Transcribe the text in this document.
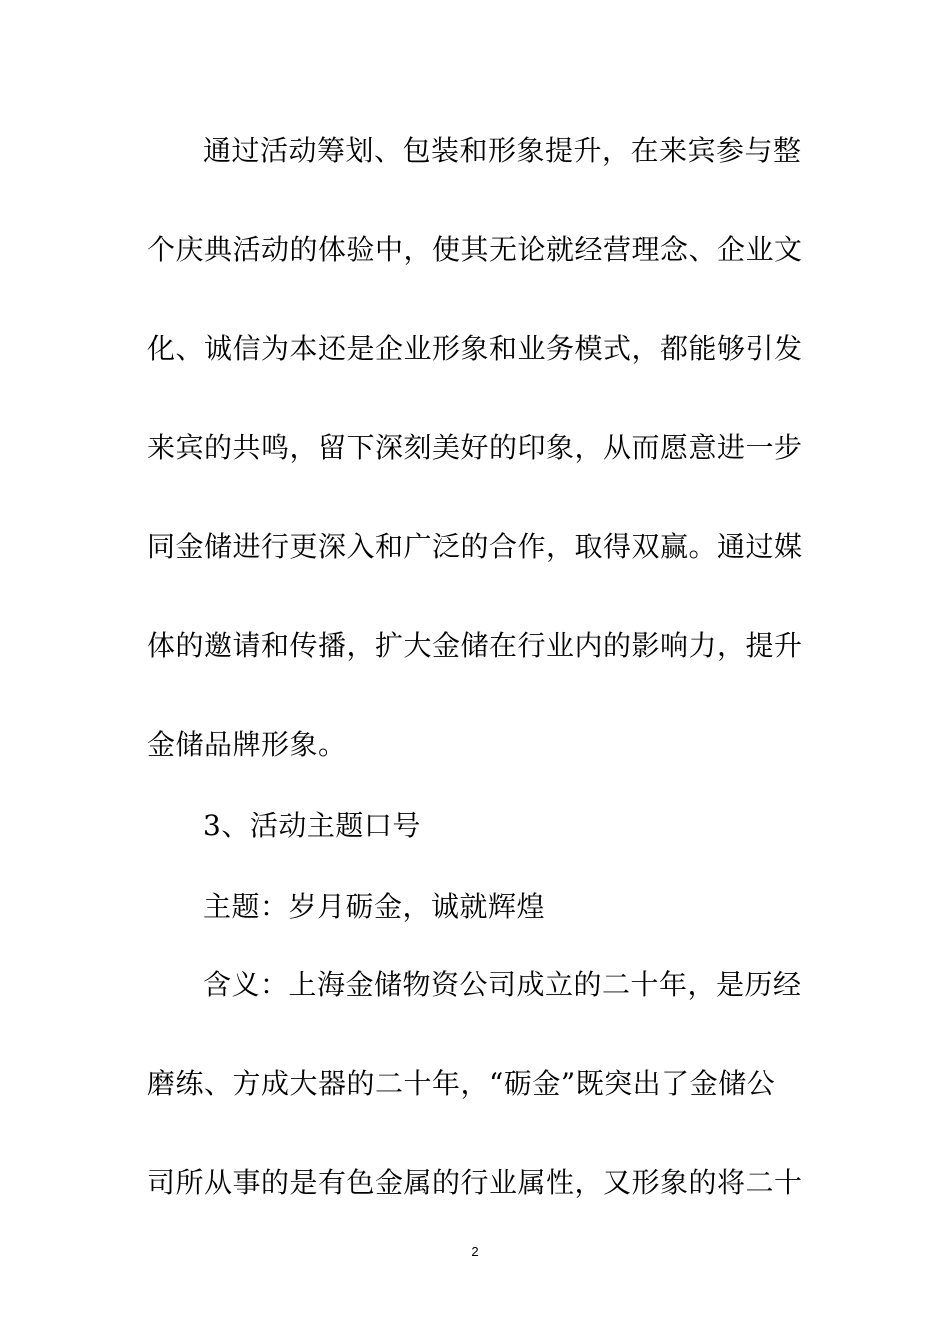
通过活动筹划、包装和形象提升，在来宾参与整
个庆典活动的体验中，使其无论就经营理念、企业文
化、诚信为本还是企业形象和业务模式，都能够引发
来宾的共鸣，留下深刻美好的印象，从而愿意进一步
同金储进行更深入和广泛的合作，取得双赢。通过媒
体的邀请和传播，扩大金储在行业内的影响力，提升
金储品牌形象。
3、活动主题口号
主题：岁月砺金，诚就辉煌
含义：上海金储物资公司成立的二十年，是历经
磨练、方成大器的二十年，“砺金”既突出了金储公
司所从事的是有色金属的行业属性，又形象的将二十
2
